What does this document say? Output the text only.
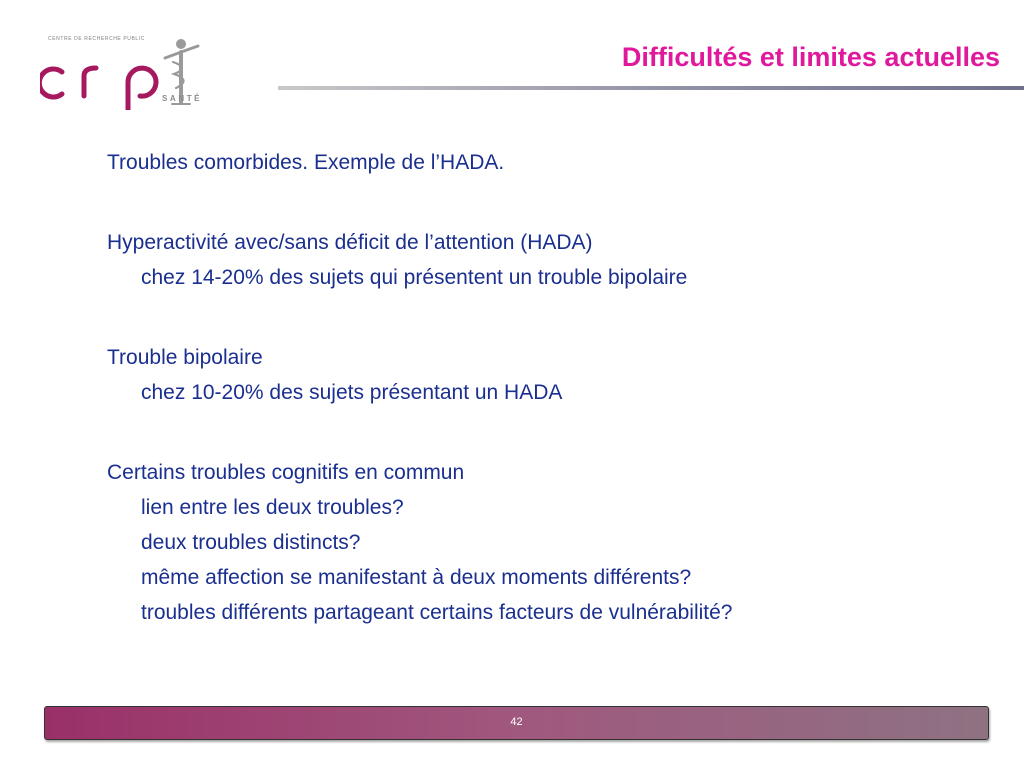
CENTRE DE RECHERCHE PUBLIC
SANTÉ
Difficultés et limites actuelles
Troubles comorbides. Exemple de l’HADA.
Hyperactivité avec/sans déficit de l’attention (HADA)
chez 14-20% des sujets qui présentent un trouble bipolaire
Trouble bipolaire
chez 10-20% des sujets présentant un HADA
Certains troubles cognitifs en commun
lien entre les deux troubles?
deux troubles distincts?
même affection se manifestant à deux moments différents?
troubles différents partageant certains facteurs de vulnérabilité?
42
